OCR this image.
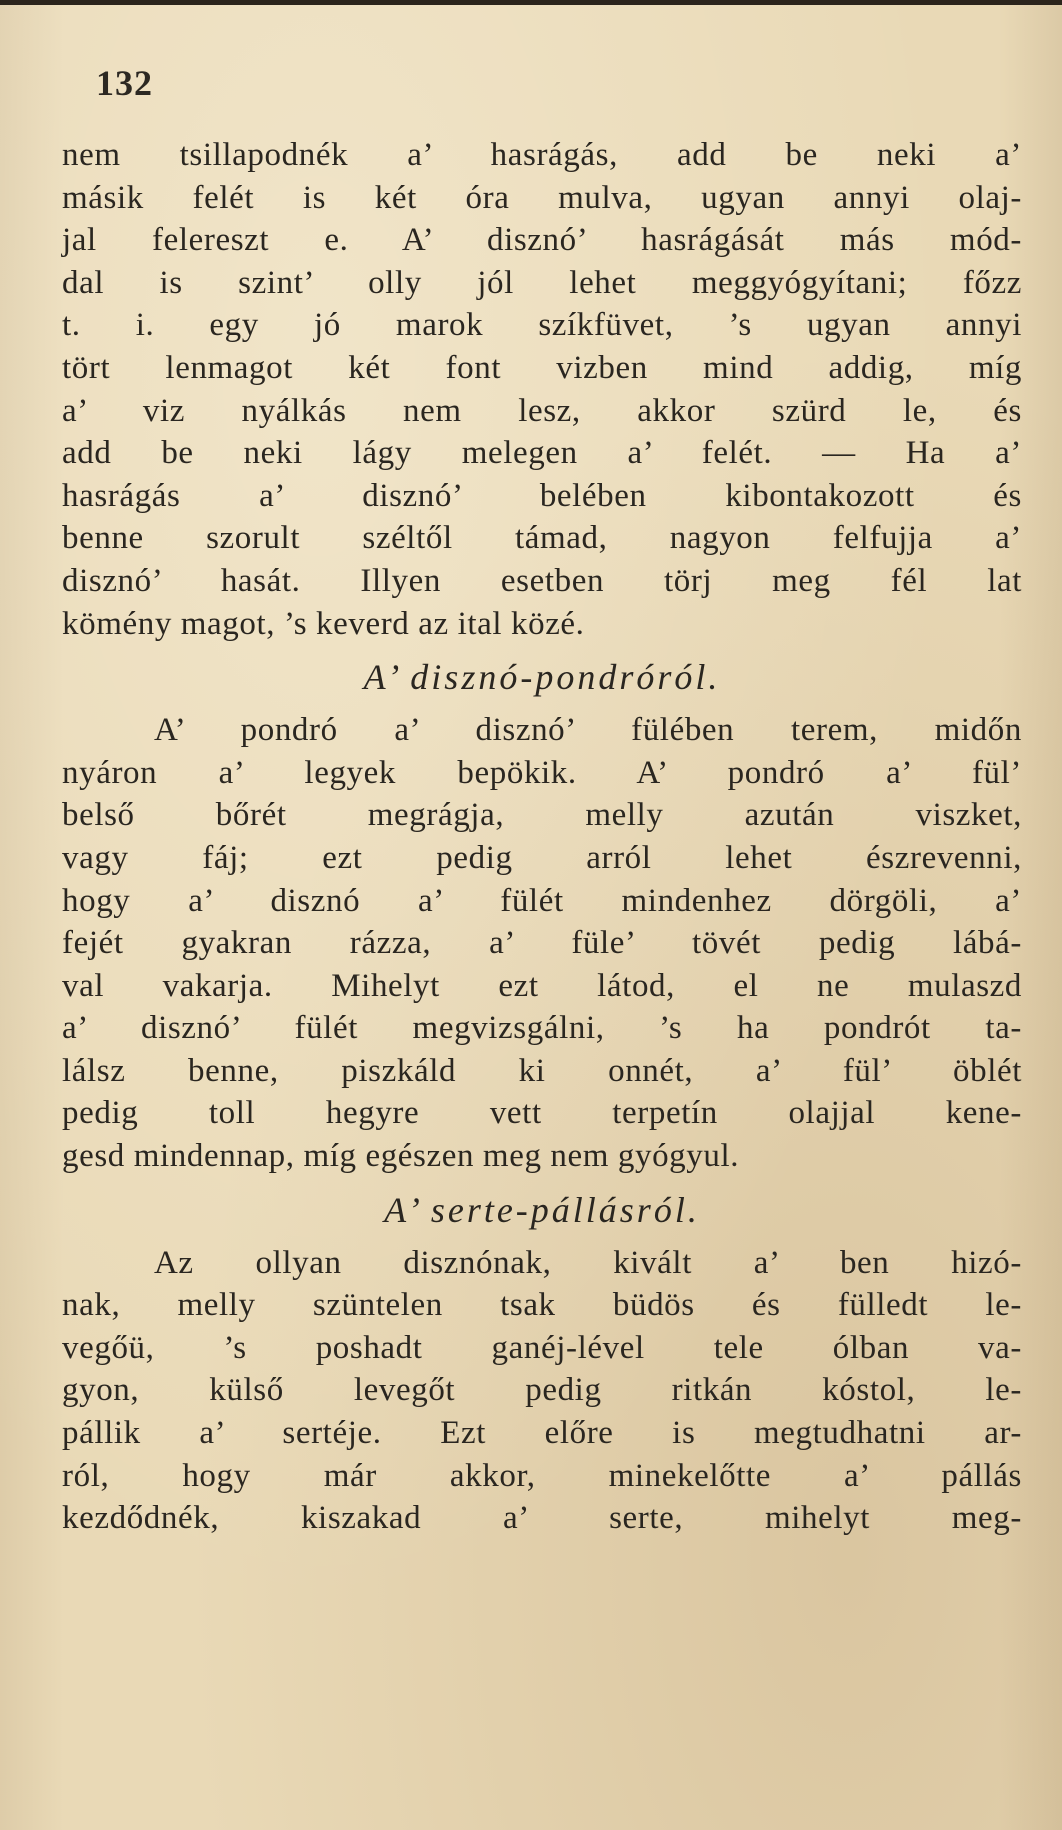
132
nem tsillapodnék a’ hasrágás, add be neki a’
másik felét is két óra mulva, ugyan annyi olaj-
jal felereszt e. A’ disznó’ hasrágását más mód-
dal is szint’ olly jól lehet meggyógyítani; főzz
t. i. egy jó marok szíkfüvet, ’s ugyan annyi
tört lenmagot két font vizben mind addig, míg
a’ viz nyálkás nem lesz, akkor szürd le, és
add be neki lágy melegen a’ felét. — Ha a’
hasrágás a’ disznó’ belében kibontakozott és
benne szorult széltől támad, nagyon felfujja a’
disznó’ hasát. Illyen esetben törj meg fél lat
kömény magot, ’s keverd az ital közé.
A’ disznó-pondróról.
A’ pondró a’ disznó’ fülében terem, midőn
nyáron a’ legyek bepökik. A’ pondró a’ fül’
belső bőrét megrágja, melly azután viszket,
vagy fáj; ezt pedig arról lehet észrevenni,
hogy a’ disznó a’ fülét mindenhez dörgöli, a’
fejét gyakran rázza, a’ füle’ tövét pedig lábá-
val vakarja. Mihelyt ezt látod, el ne mulaszd
a’ disznó’ fülét megvizsgálni, ’s ha pondrót ta-
lálsz benne, piszkáld ki onnét, a’ fül’ öblét
pedig toll hegyre vett terpetín olajjal kene-
gesd mindennap, míg egészen meg nem gyógyul.
A’ serte-pállásról.
Az ollyan disznónak, kivált a’ ben hizó-
nak, melly szüntelen tsak büdös és fülledt le-
vegőü, ’s poshadt ganéj-lével tele ólban va-
gyon, külső levegőt pedig ritkán kóstol, le-
pállik a’ sertéje. Ezt előre is megtudhatni ar-
ról, hogy már akkor, minekelőtte a’ pállás
kezdődnék, kiszakad a’ serte, mihelyt meg-
